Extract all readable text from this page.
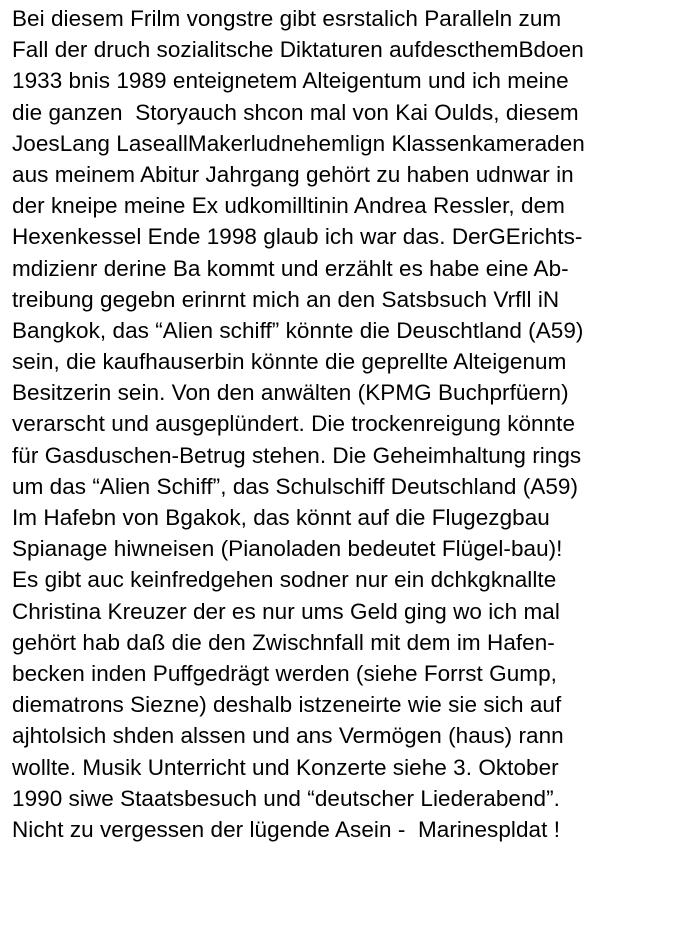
Bei diesem Frilm vongstre gibt esrstalich Paralleln zum
Fall der druch sozialitsche Diktaturen aufdescthemBdoen
1933 bnis 1989 enteignetem Alteigentum und ich meine
die ganzen  Storyauch shcon mal von Kai Oulds, diesem
JoesLang LaseallMakerludnehemlign Klassenkameraden
aus meinem Abitur Jahrgang gehört zu haben udnwar in
der kneipe meine Ex udkomilltinin Andrea Ressler, dem
Hexenkessel Ende 1998 glaub ich war das. DerGErichts-
mdizienr derine Ba kommt und erzählt es habe eine Ab-
treibung gegebn erinrnt mich an den Satsbsuch Vrfll iN
Bangkok, das “Alien schiff” könnte die Deuschtland (A59)
sein, die kaufhauserbin könnte die geprellte Alteigenum
Besitzerin sein. Von den anwälten (KPMG Buchprfüern)
verarscht und ausgeplündert. Die trockenreigung könnte
für Gasduschen-Betrug stehen. Die Geheimhaltung rings
um das “Alien Schiff”, das Schulschiff Deutschland (A59)
Im Hafebn von Bgakok, das könnt auf die Flugezgbau
Spianage hiwneisen (Pianoladen bedeutet Flügel-bau)!
Es gibt auc keinfredgehen sodner nur ein dchkgknallte
Christina Kreuzer der es nur ums Geld ging wo ich mal
gehört hab daß die den Zwischnfall mit dem im Hafen-
becken inden Puffgedrägt werden (siehe Forrst Gump,
diematrons Siezne) deshalb istzeneirte wie sie sich auf
ajhtolsich shden alssen und ans Vermögen (haus) rann
wollte. Musik Unterricht und Konzerte siehe 3. Oktober
1990 siwe Staatsbesuch und “deutscher Liederabend”.
Nicht zu vergessen der lügende Asein -  Marinespldat !
